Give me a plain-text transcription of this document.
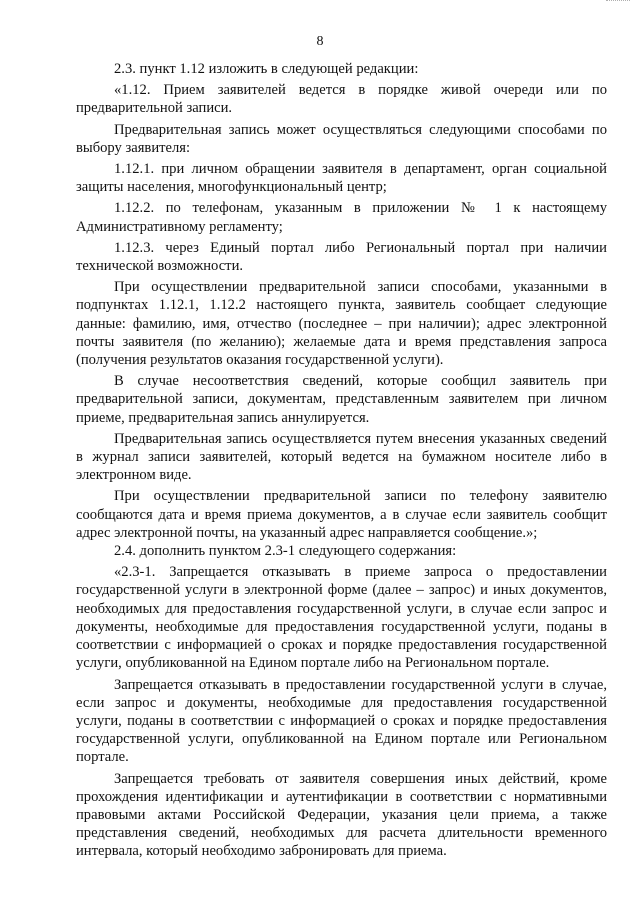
8

2.3. пункт 1.12 изложить в следующей редакции:

«1.12. Прием заявителей ведется в порядке живой очереди или по предварительной записи.

Предварительная запись может осуществляться следующими способами по выбору заявителя:

1.12.1. при личном обращении заявителя в департамент, орган социальной защиты населения, многофункциональный центр;

1.12.2. по телефонам, указанным в приложении № 1 к настоящему Административному регламенту;

1.12.3. через Единый портал либо Региональный портал при наличии технической возможности.

При осуществлении предварительной записи способами, указанными в подпунктах 1.12.1, 1.12.2 настоящего пункта, заявитель сообщает следующие данные: фамилию, имя, отчество (последнее – при наличии); адрес электронной почты заявителя (по желанию); желаемые дата и время представления запроса (получения результатов оказания государственной услуги).

В случае несоответствия сведений, которые сообщил заявитель при предварительной записи, документам, представленным заявителем при личном приеме, предварительная запись аннулируется.

Предварительная запись осуществляется путем внесения указанных сведений в журнал записи заявителей, который ведется на бумажном носителе либо в электронном виде.

При осуществлении предварительной записи по телефону заявителю сообщаются дата и время приема документов, а в случае если заявитель сообщит адрес электронной почты, на указанный адрес направляется сообщение.»;

2.4. дополнить пунктом 2.3-1 следующего содержания:

«2.3-1. Запрещается отказывать в приеме запроса о предоставлении государственной услуги в электронной форме (далее – запрос) и иных документов, необходимых для предоставления государственной услуги, в случае если запрос и документы, необходимые для предоставления государственной услуги, поданы в соответствии с информацией о сроках и порядке предоставления государственной услуги, опубликованной на Едином портале либо на Региональном портале.

Запрещается отказывать в предоставлении государственной услуги в случае, если запрос и документы, необходимые для предоставления государственной услуги, поданы в соответствии с информацией о сроках и порядке предоставления государственной услуги, опубликованной на Едином портале или Региональном портале.

Запрещается требовать от заявителя совершения иных действий, кроме прохождения идентификации и аутентификации в соответствии с нормативными правовыми актами Российской Федерации, указания цели приема, а также представления сведений, необходимых для расчета длительности временного интервала, который необходимо забронировать для приема.
